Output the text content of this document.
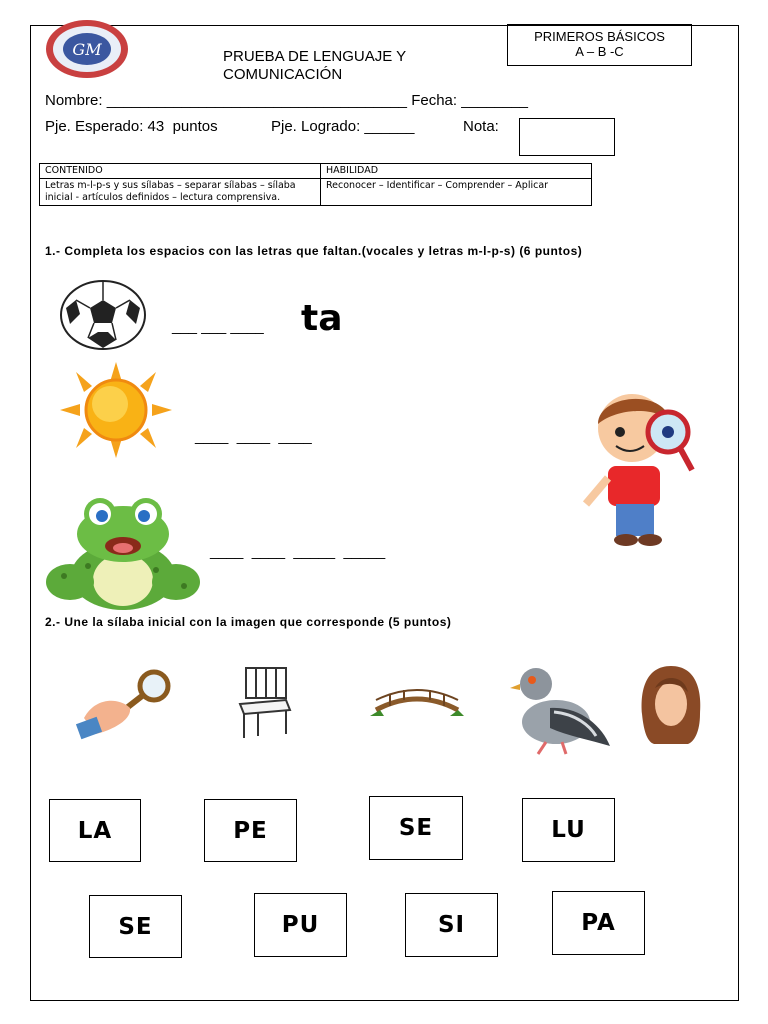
GM
PRIMEROS BÁSICOS
A – B -C
PRUEBA DE LENGUAJE Y
COMUNICACIÓN
Nombre: ____________________________________ Fecha: ________
Pje. Esperado: 43  puntos	Pje. Logrado: ______	Nota:
CONTENIDO	HABILIDAD
Letras m-l-p-s y sus sílabas – separar sílabas – sílaba inicial - artículos definidos – lectura comprensiva.	Reconocer – Identificar – Comprender – Aplicar
1.- Completa los espacios con las letras que faltan.(vocales y letras m-l-p-s) (6 puntos)
___ ___ ____ ta
____  ____  ____
____  ____  _____  _____
2.- Une la sílaba inicial con la imagen que corresponde (5 puntos)
LA	PE	SE	LU
SE	PU	SI	PA
